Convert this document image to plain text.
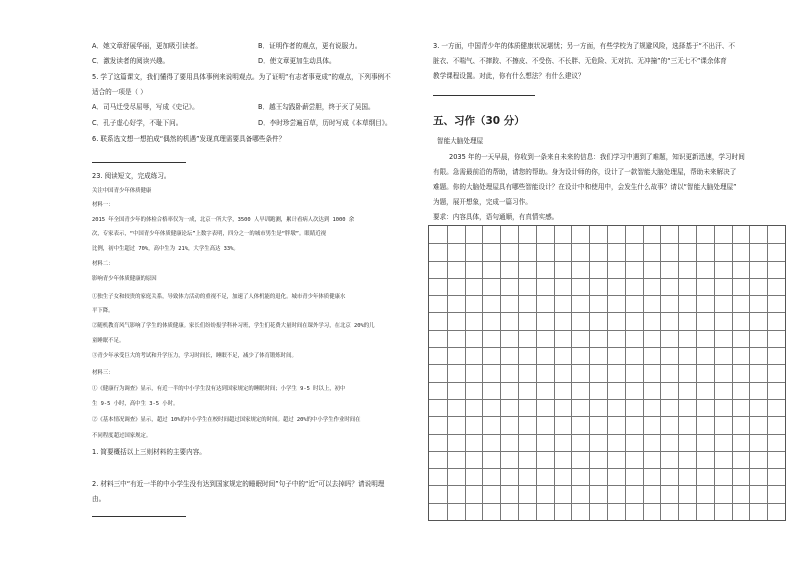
A．她文章舒展华丽，更加吸引读者。	B．证明作者的观点，更有说服力。
C．激发读者的阅读兴趣。	D．使文章更加生动具体。
5. 学了这篇课文，我们懂得了要用具体事例来说明观点。为了证明“有志者事竟成”的观点，下列事例不
适合的一项是（ ）
A．司马迁受尽屈辱，写成《史记》。	B．越王勾践卧薪尝胆，终于灭了吴国。
C．孔子虚心好学，不耻下问。	D．李时珍尝遍百草，历时写成《本草纲目》。
6. 联系选文想一想拍成“偶然的机遇”发现真理需要具备哪些条件？
23. 阅读短文，完成练习。
关注中国青少年体质健康
材料一：
2015 年全国青少年的体检合格率仅为一成，北京一所大学，3500 人早训跑测，累计看病人次达到 1000 余
次，专家表示，“中国青少年体质健康论坛”上数字表明，四分之一的城市男生是“胖墩”。眼睛近视
比例，初中生超过 70%，高中生为 21%，大学生高达 33%。
材料二：
影响青少年体质健康的原因
①独生子女和较贵的家庭关系，导致体力活动的重视不足，加速了人体机能的退化。城市青少年体质健康水
平下降。
②随机教育风气影响了学生的体质健康。家长们纷纷报学科补习班，学生们花费大量时间在课外学习，在北京 20%的儿
童睡眠不足。
③青少年承受巨大的考试和升学压力，学习时间长，睡眠不足，减少了体育锻炼时间。
材料三：
①《健康行为调查》显示，有近一半的中小学生没有达到国家规定的睡眠时间；小学生 9-5 时以上，初中
生 9-5 小时，高中生 3-5 小时。
②《基本情况调查》显示，超过 10%的中小学生在校时间超过国家规定的时间。超过 20%的中小学生作业时间在
不同程度超过国家规定。
1. 简要概括以上三则材料的主要内容。
2. 材料三中“有近一半的中小学生没有达到国家规定的睡眠时间”句子中的“近”可以去掉吗？请说明理
由。
3. 一方面，中国青少年的体质健康状况堪忧；另一方面，有些学校为了规避风险，选择基于“不出汗、不
脏衣、不喘气、不摔跤、不擦皮、不受伤、不长胖、无危险、无对抗、无冲撞”的“三无七不”课余体育
教学课程设置。对此，你有什么想法？有什么建议？
五、习作（30 分）
智能大脑处理屋
2035 年的一天早晨，你收到一条来自未来的信息：我们学习中遇到了难题，知识更新迅速，学习时间
有限。急需最前沿的帮助，请您的帮助。身为设计师的你，设计了一款智能大脑处理屋，帮助未来解决了
难题。你的大脑处理屋具有哪些智能设计？在设计中和使用中，会发生什么故事？请以“智能大脑处理屋”
为题，展开想象，完成一篇习作。
要求：内容具体，语句通顺，有真情实感。
